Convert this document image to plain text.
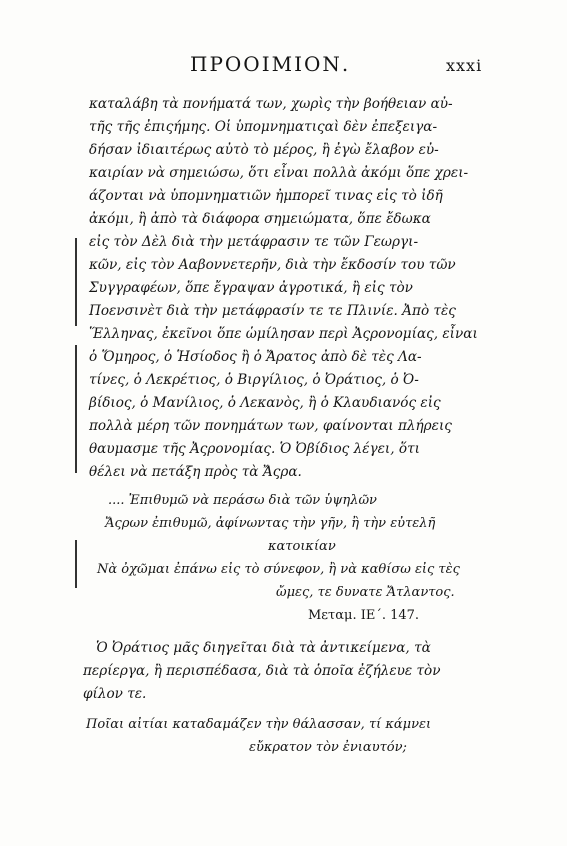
ΠΡΟΟΙΜΙΟΝ.	xxxi
καταλάβη τὰ πονήματά των, χωρὶς τὴν βοήθειαν αὐ-
τῆς τῆς ἐπιςήμης. Οἱ ὑπομνηματιςαὶ δὲν ἐπεξειγα-
δήσαν ἰδιαιτέρως αὐτὸ τὸ μέρος, ἢ ἐγὼ ἔλαβον εὐ-
καιρίαν νὰ σημειώσω, ὅτι εἶναι πολλὰ ἀκόμι ὅπε χρει-
άζονται νὰ ὑπομνηματιῶν ἠμπορεῖ τινας εἰς τὸ ἰδῆ
ἀκόμι, ἢ ἀπὸ τὰ διάφορα σημειώματα, ὅπε ἔδωκα
εἰς τὸν Δὲλ διὰ τὴν μετάφρασιν τε τῶν Γεωργι-
κῶν, εἰς τὸν Ααβοννετερῆν, διὰ τὴν ἔκδοσίν του τῶν
Συγγραφέων, ὅπε ἔγραψαν ἀγροτικά, ἢ εἰς τὸν
Ποενσινὲτ διὰ τὴν μετάφρασίν τε τε Πλινίε. Ἀπὸ τὲς
Ἕλληνας, ἐκεῖνοι ὅπε ὡμίλησαν περὶ Ἀςρονομίας, εἶναι
ὁ Ὅμηρος, ὁ Ἡσίοδος ἢ ὁ Ἄρατος ἀπὸ δὲ τὲς Λα-
τίνες, ὁ Λεκρέτιος, ὁ Βιργίλιος, ὁ Ὀράτιος, ὁ Ὀ-
βίδιος, ὁ Μανίλιος, ὁ Λεκανὸς, ἢ ὁ Κλαυδιανός εἰς
πολλὰ μέρη τῶν πονημάτων των, φαίνονται πλήρεις
θαυμασμε τῆς Ἀςρονομίας. Ὁ Ὀβίδιος λέγει, ὅτι
θέλει νὰ πετάξη πρὸς τὰ Ἄςρα.
.... Ἐπιθυμῶ νὰ περάσω διὰ τῶν ὑψηλῶν
Ἄςρων ἐπιθυμῶ, ἀφίνωντας τὴν γῆν, ἢ τὴν εὐτελῆ
κατοικίαν
Νὰ ὀχῶμαι ἐπάνω εἰς τὸ σύνεφον, ἢ νὰ καθίσω εἰς τὲς
ὤμες, τε δυνατε Ἄτλαντος.
Μεταμ. ΙΕ΄. 147.
Ὁ Ὀράτιος μᾶς διηγεῖται διὰ τὰ ἀντικείμενα, τὰ
περίεργα, ἢ περισπέδασα, διὰ τὰ ὁποῖα ἐζήλευε τὸν
φίλον τε.
Ποῖαι αἰτίαι καταδαμάζεν τὴν θάλασσαν, τί κάμνει
εὔκρατον τὸν ἐνιαυτόν;
